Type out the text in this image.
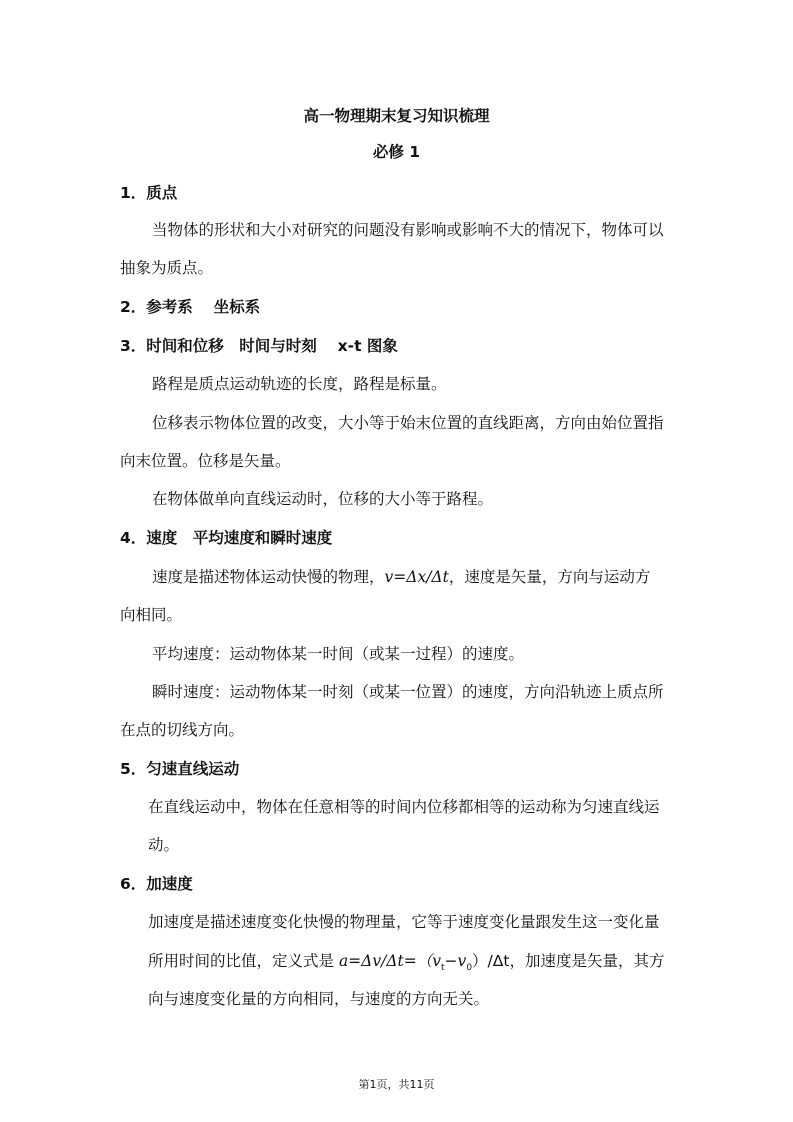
高一物理期末复习知识梳理
必修 1
1．质点
当物体的形状和大小对研究的问题没有影响或影响不大的情况下，物体可以
抽象为质点。
2．参考系　 坐标系
3．时间和位移　时间与时刻　 x-t 图象
路程是质点运动轨迹的长度，路程是标量。
位移表示物体位置的改变，大小等于始末位置的直线距离，方向由始位置指
向末位置。位移是矢量。
在物体做单向直线运动时，位移的大小等于路程。
4．速度　平均速度和瞬时速度
速度是描述物体运动快慢的物理，v=Δx/Δt，速度是矢量，方向与运动方
向相同。
平均速度：运动物体某一时间（或某一过程）的速度。
瞬时速度：运动物体某一时刻（或某一位置）的速度，方向沿轨迹上质点所
在点的切线方向。
5．匀速直线运动
在直线运动中，物体在任意相等的时间内位移都相等的运动称为匀速直线运
动。
6．加速度
加速度是描述速度变化快慢的物理量，它等于速度变化量跟发生这一变化量
所用时间的比值，定义式是 $a=\Delta v/\Delta t=(v_t-v_0)/\Delta t$，加速度是矢量，其方
向与速度变化量的方向相同，与速度的方向无关。
第1页，共11页
